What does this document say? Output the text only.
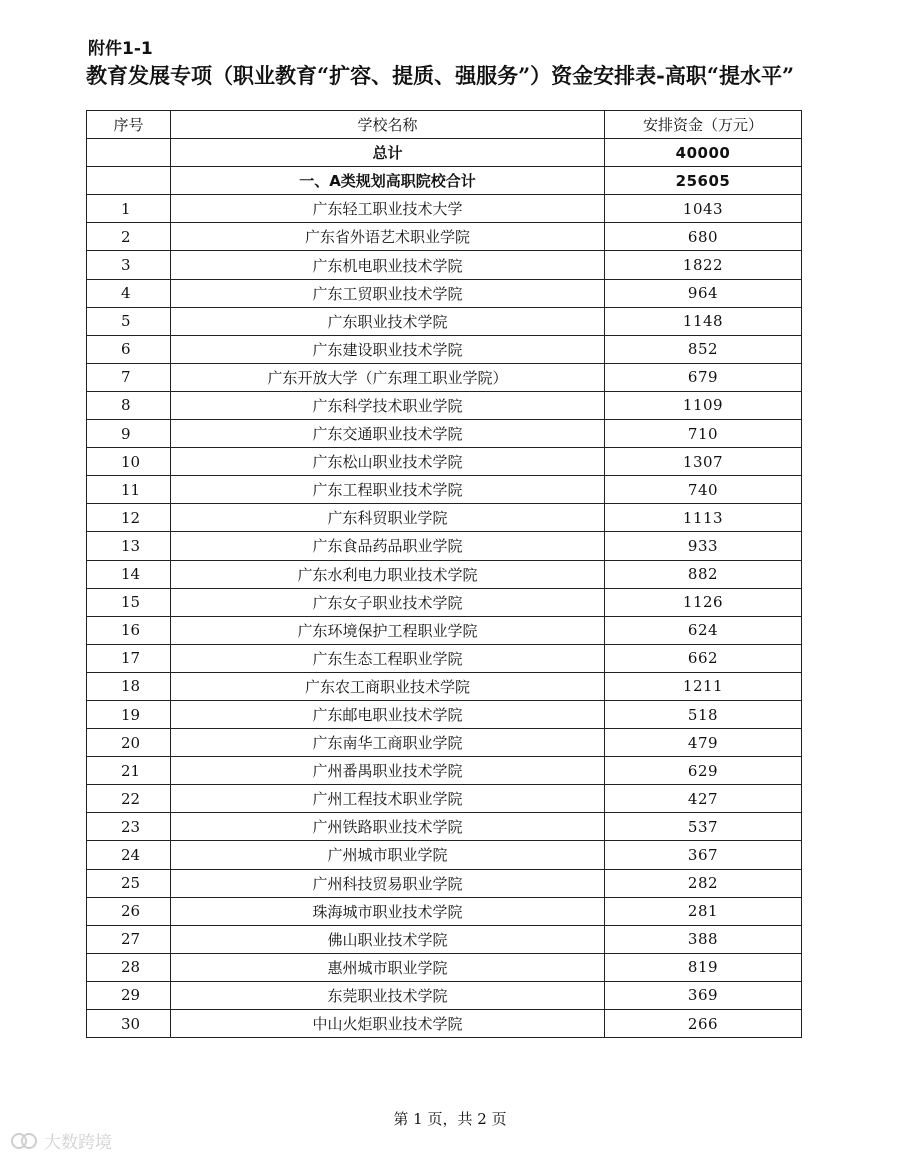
附件1-1
教育发展专项（职业教育“扩容、提质、强服务”）资金安排表-高职“提水平”
序号	学校名称	安排资金（万元）
	总计	40000
	一、A类规划高职院校合计	25605
1	广东轻工职业技术大学	1043
2	广东省外语艺术职业学院	680
3	广东机电职业技术学院	1822
4	广东工贸职业技术学院	964
5	广东职业技术学院	1148
6	广东建设职业技术学院	852
7	广东开放大学（广东理工职业学院）	679
8	广东科学技术职业学院	1109
9	广东交通职业技术学院	710
10	广东松山职业技术学院	1307
11	广东工程职业技术学院	740
12	广东科贸职业学院	1113
13	广东食品药品职业学院	933
14	广东水利电力职业技术学院	882
15	广东女子职业技术学院	1126
16	广东环境保护工程职业学院	624
17	广东生态工程职业学院	662
18	广东农工商职业技术学院	1211
19	广东邮电职业技术学院	518
20	广东南华工商职业学院	479
21	广州番禺职业技术学院	629
22	广州工程技术职业学院	427
23	广州铁路职业技术学院	537
24	广州城市职业学院	367
25	广州科技贸易职业学院	282
26	珠海城市职业技术学院	281
27	佛山职业技术学院	388
28	惠州城市职业学院	819
29	东莞职业技术学院	369
30	中山火炬职业技术学院	266
第 1 页，共 2 页
大数跨境
